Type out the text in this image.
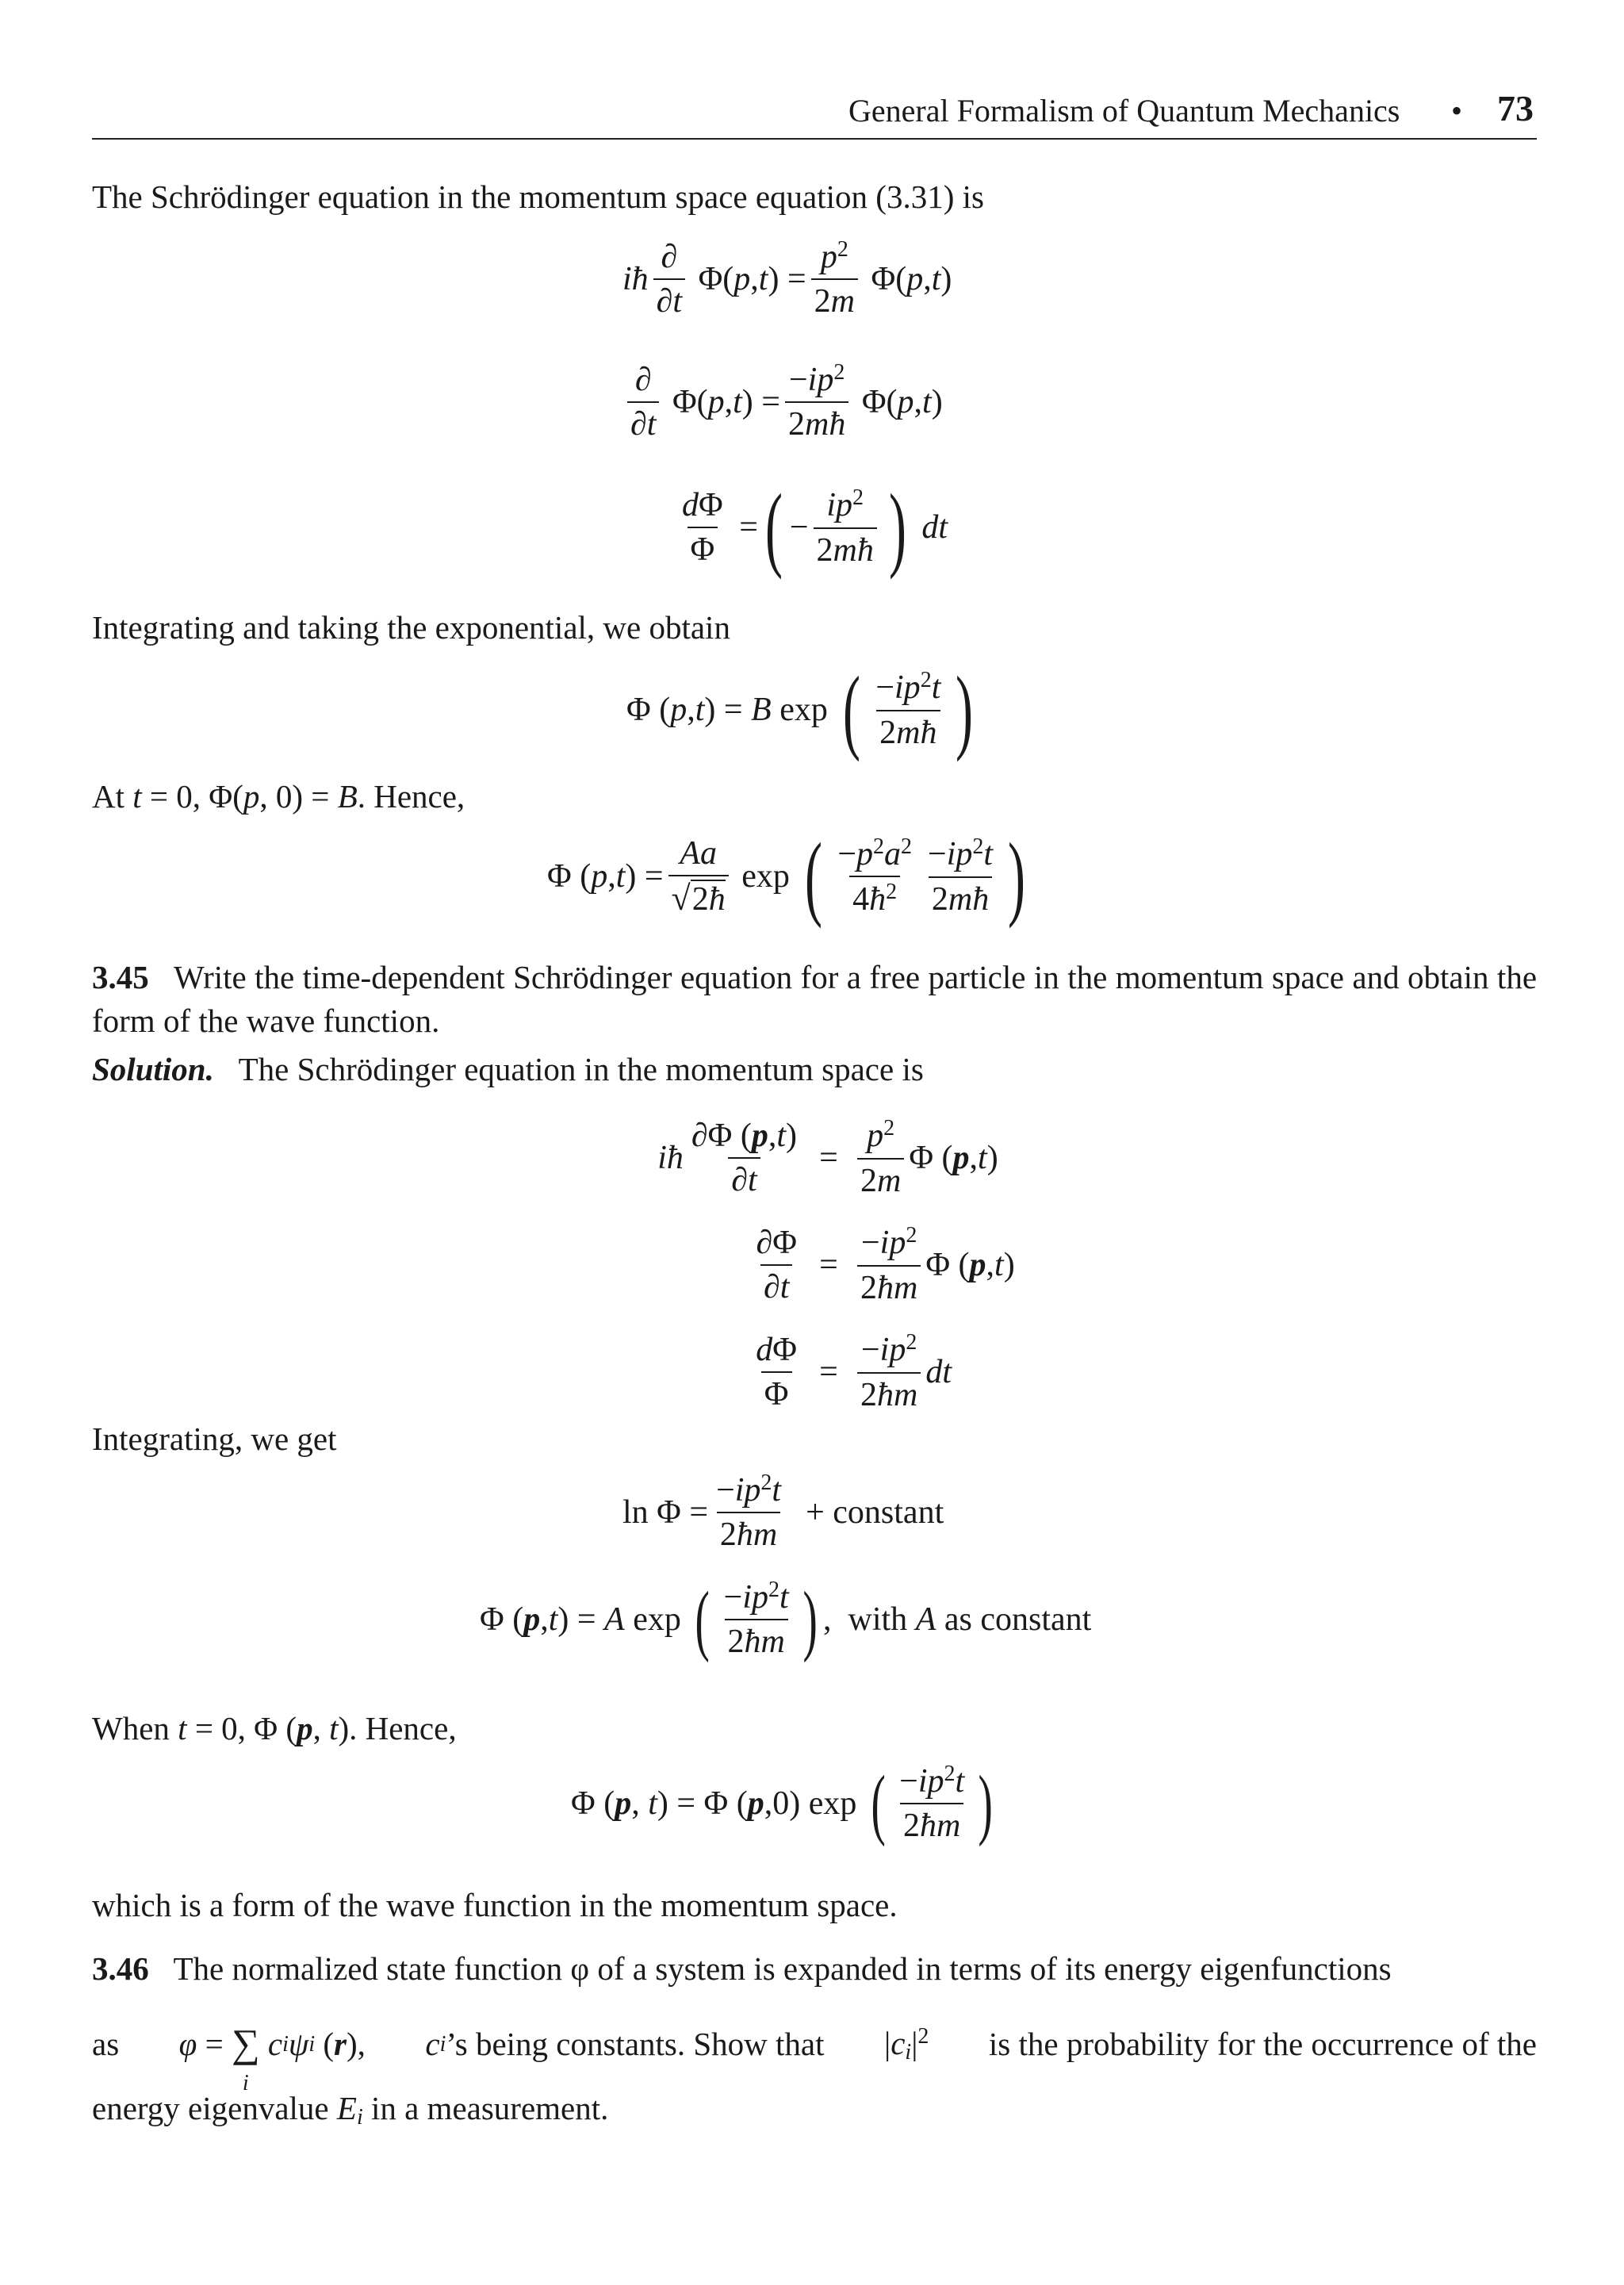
General Formalism of Quantum Mechanics • 73
The Schrödinger equation in the momentum space equation (3.31) is
iħ $\frac{\partial}{\partial t} \Phi(p,t) = \frac{p^2}{2m} \Phi(p,t)$
$\frac{\partial}{\partial t} \Phi(p,t) = \frac{-ip^2}{2mħ} \Phi(p,t)$
$\frac{d\Phi}{\Phi}$ = ( − $\frac{ip^2}{2mħ}$ ) dt
Integrating and taking the exponential, we obtain
Φ (p,t) = B exp ( $\frac{-ip^2t}{2mħ}$ )
At t = 0, Φ(p, 0) = B. Hence,
Φ $(p,t) = \frac{Aa}{√2ħ}$ exp ( $\frac{-p^2a^2}{4ħ^2} \frac{-ip^2t}{2mħ}$ )
3.45 Write the time-dependent Schrödinger equation for a free particle in the momentum space and obtain the form of the wave function.
Solution. The Schrödinger equation in the momentum space is
iħ $\frac{\partial\Phi (p,t)}{\partial t} = \frac{p^2}{2m}$ Φ ( p , t )
$\frac{\partial\Phi}{\partial t} = \frac{-ip^2}{2ħm}$ Φ ( p , t )
$\frac{d\Phi}{\Phi} = \frac{-ip^2}{2ħm}$ dt
Integrating, we get
$\ln \Phi = \frac{-ip^2t}{2ħm}$
+ constant
Φ (p,t) = A exp ( $\frac{-ip^2t}{2ħm}$ ) , with A as constant
When t = 0, Φ (p, t). Hence,
Φ (p, t) = Φ (p,0) exp ( $\frac{-ip^2t}{2ħm}$ )
which is a form of the wave function in the momentum space.
3.46 The normalized state function φ of a system is expanded in terms of its energy eigenfunctions
as φ = ∑
i

c i ψ i ( r ), c i ’s being constants. Show that $|c_i|^2$ is the probability for the occurrence of the
energy eigenvalue $E_i$ in a measurement.
